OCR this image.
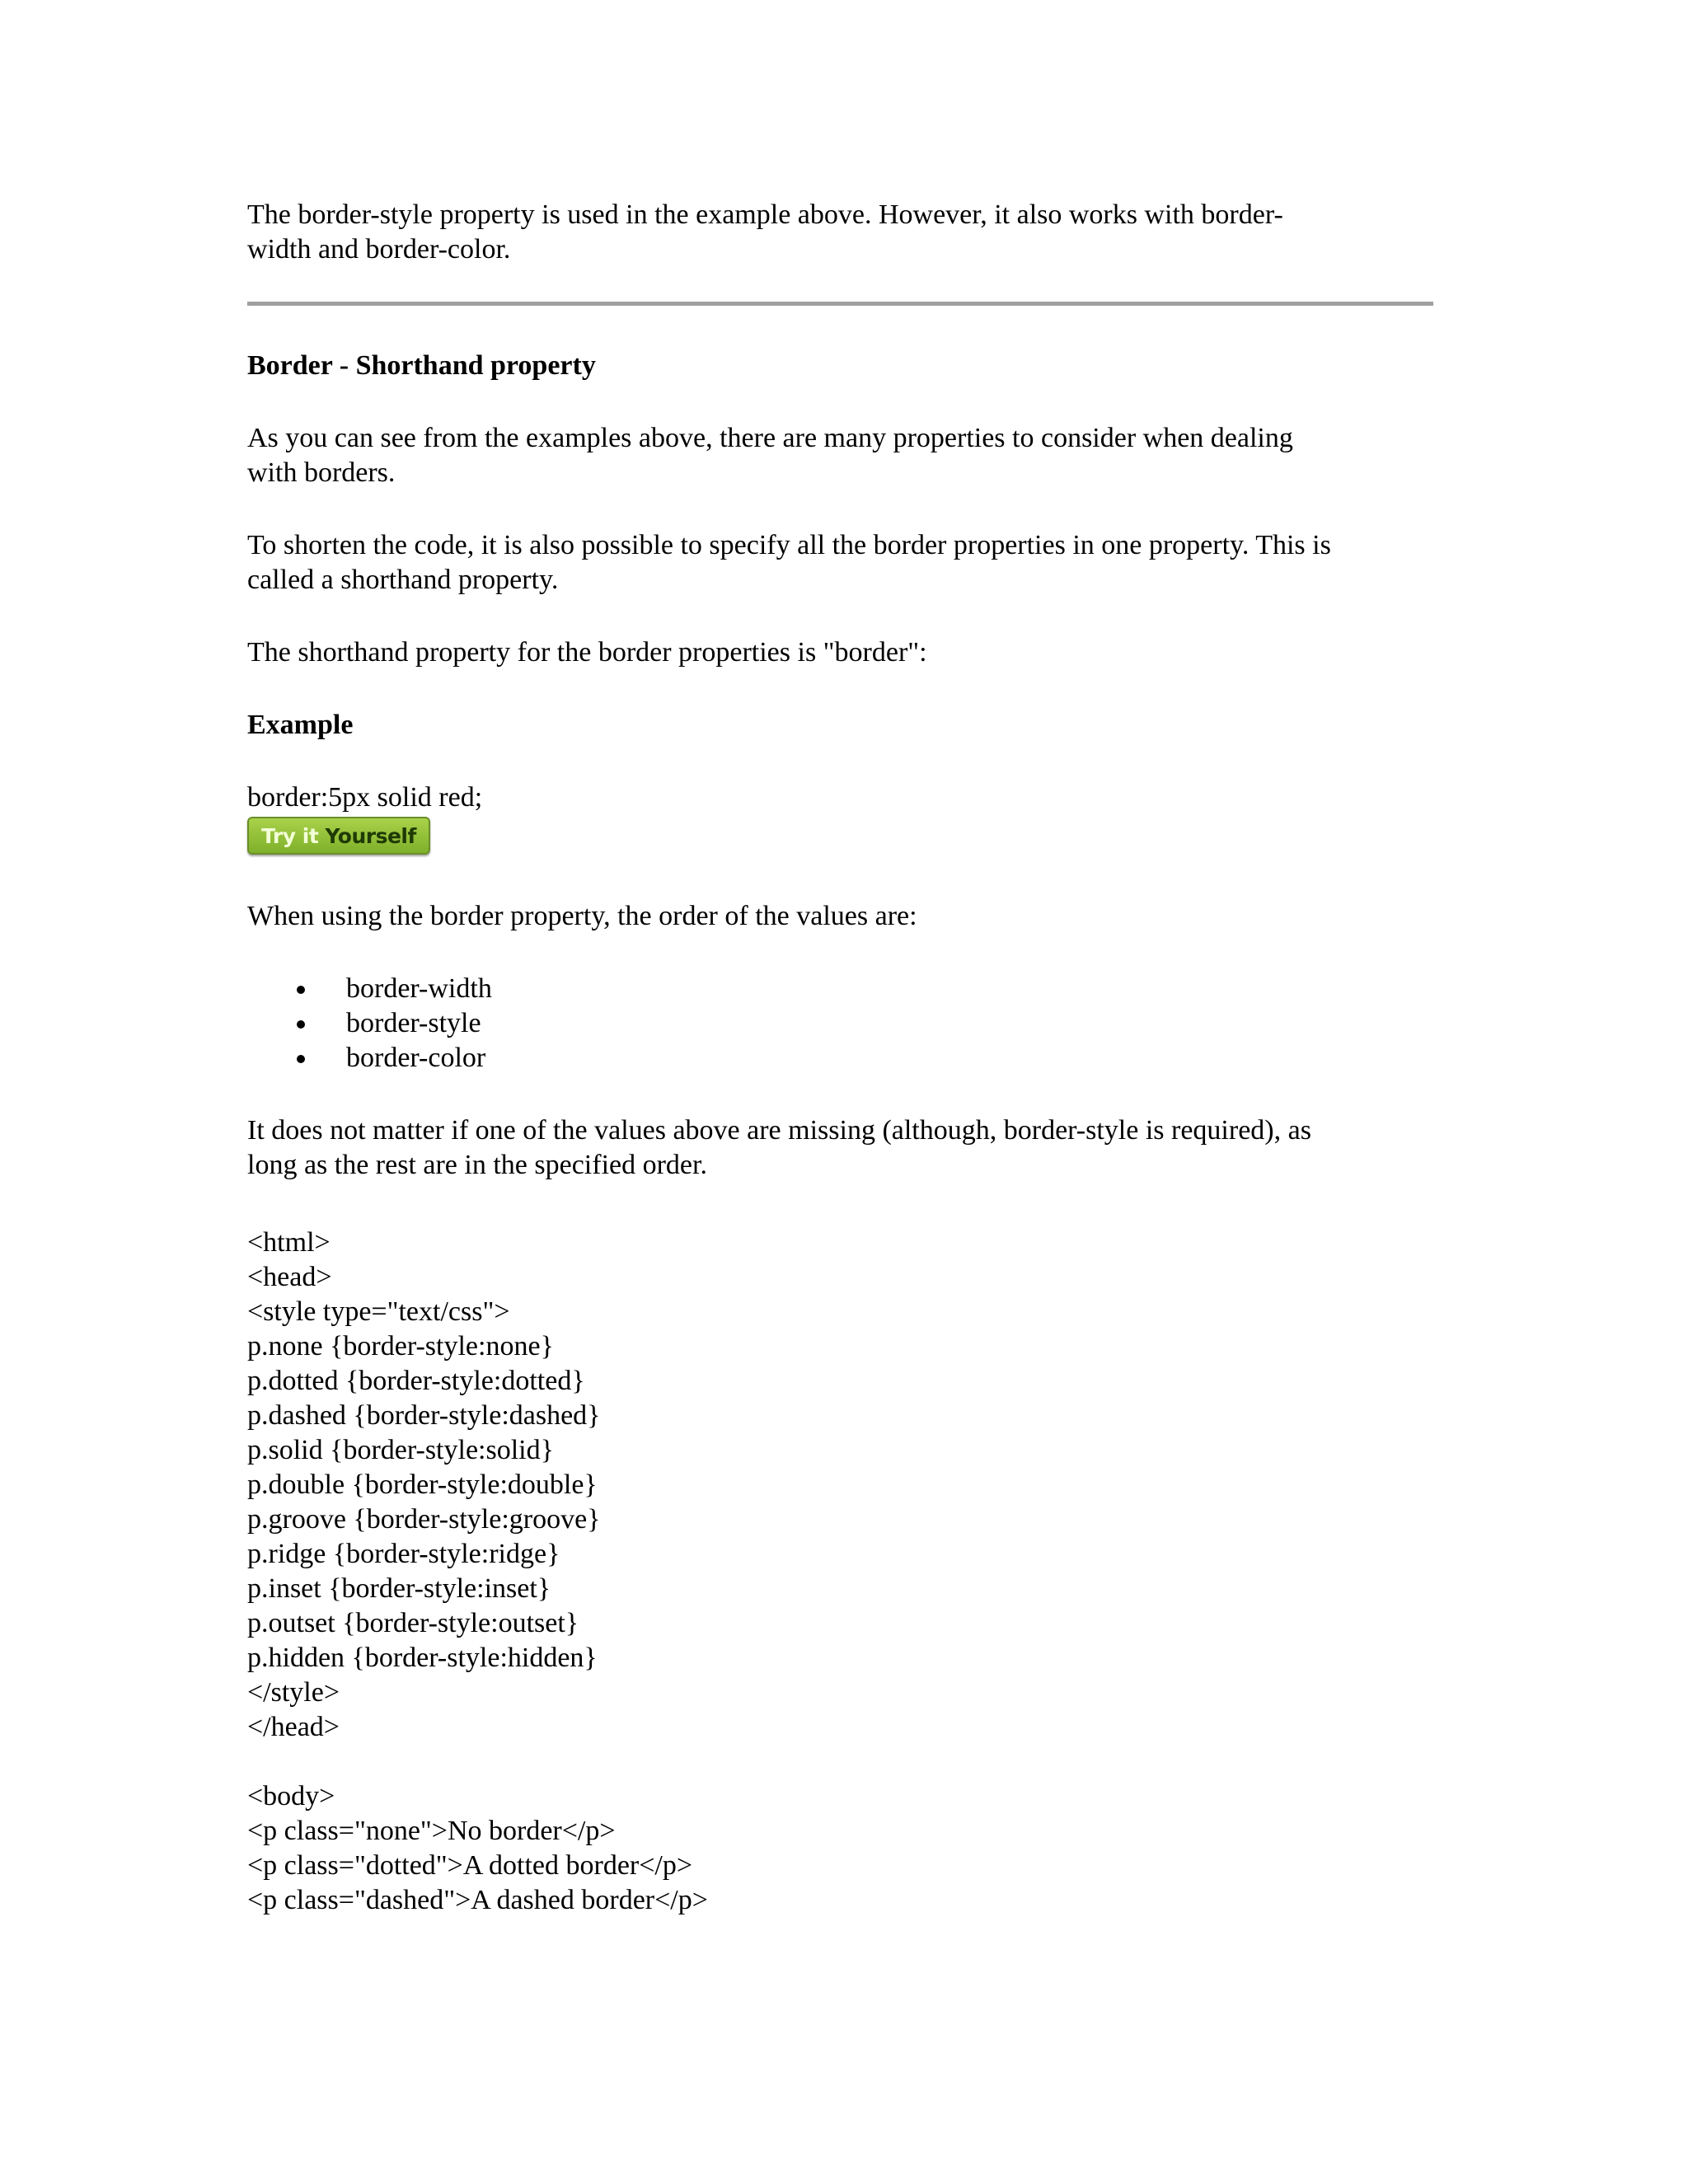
The border-style property is used in the example above. However, it also works with border-

width and border-color.

Border - Shorthand property

As you can see from the examples above, there are many properties to consider when dealing

with borders.

To shorten the code, it is also possible to specify all the border properties in one property. This is

called a shorthand property.

The shorthand property for the border properties is "border":

Example

border:5px solid red;

Try it Yourself

When using the border property, the order of the values are:

border-width
border-style
border-color

It does not matter if one of the values above are missing (although, border-style is required), as

long as the rest are in the specified order.

<html>

<head>

<style type="text/css">

p.none {border-style:none}

p.dotted {border-style:dotted}

p.dashed {border-style:dashed}

p.solid {border-style:solid}

p.double {border-style:double}

p.groove {border-style:groove}

p.ridge {border-style:ridge}

p.inset {border-style:inset}

p.outset {border-style:outset}

p.hidden {border-style:hidden}

</style>

</head>

<body>

<p class="none">No border</p>

<p class="dotted">A dotted border</p>

<p class="dashed">A dashed border</p>
